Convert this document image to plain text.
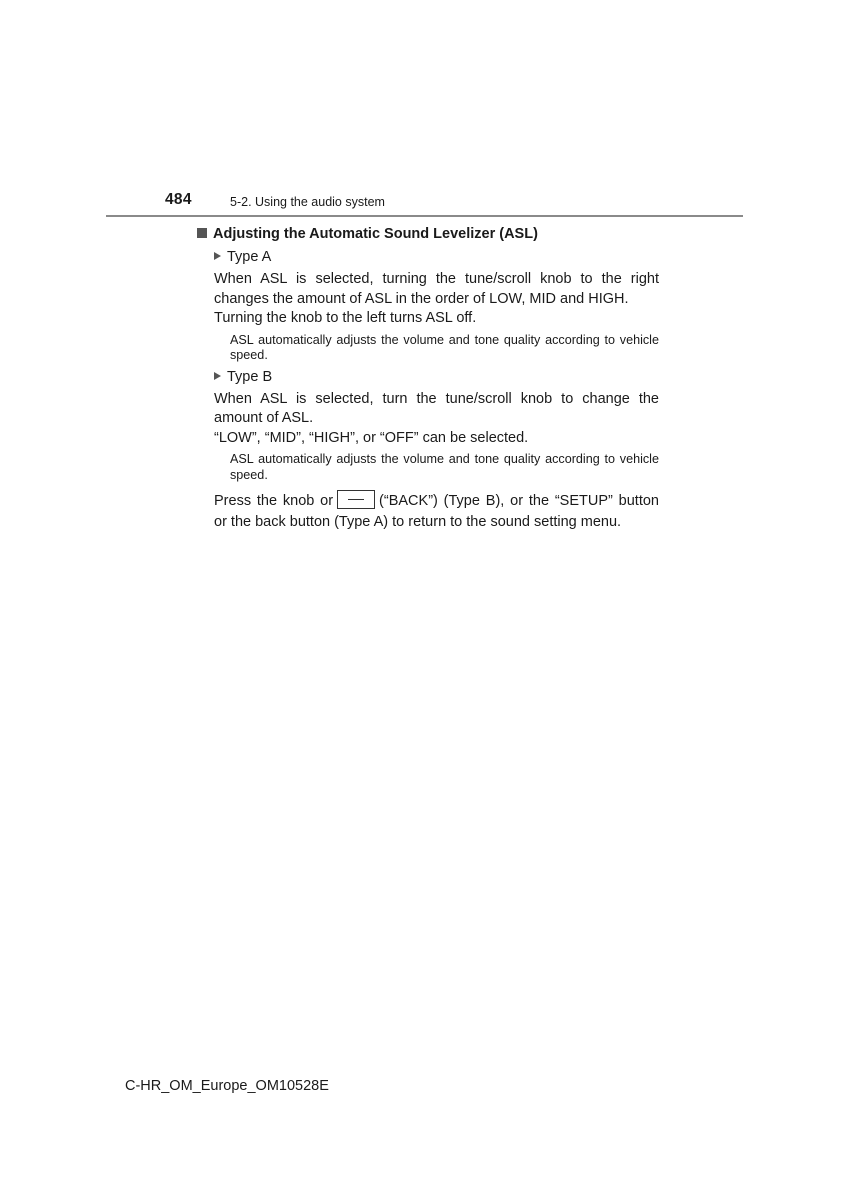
484	5-2. Using the audio system
Adjusting the Automatic Sound Levelizer (ASL)
Type A
When ASL is selected, turning the tune/scroll knob to the right changes the amount of ASL in the order of LOW, MID and HIGH.
Turning the knob to the left turns ASL off.
ASL automatically adjusts the volume and tone quality according to vehicle speed.
Type B
When ASL is selected, turn the tune/scroll knob to change the amount of ASL.
“LOW”, “MID”, “HIGH”, or “OFF” can be selected.
ASL automatically adjusts the volume and tone quality according to vehicle speed.
Press the knob or	(“BACK”) (Type B), or the “SETUP” button or the back button (Type A) to return to the sound setting menu.
C-HR_OM_Europe_OM10528E
